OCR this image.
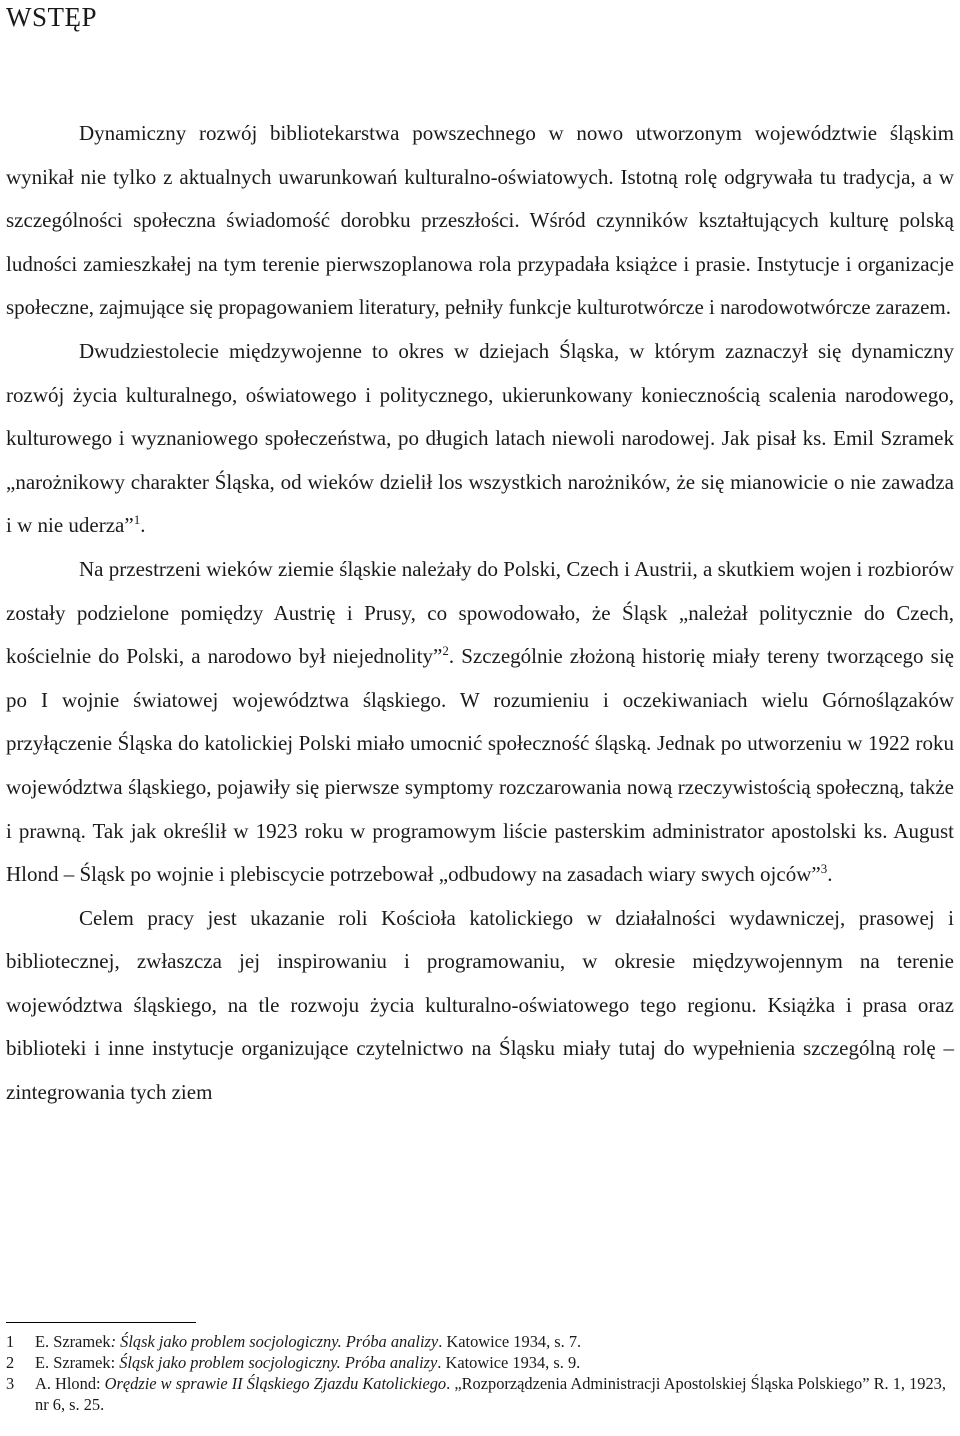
WSTĘP

Dynamiczny rozwój bibliotekarstwa powszechnego w nowo utworzonym województwie śląskim wynikał nie tylko z aktualnych uwarunkowań kulturalno-oświatowych. Istotną rolę odgrywała tu tradycja, a w szczególności społeczna świadomość dorobku przeszłości. Wśród czynników kształtujących kulturę polską ludności zamieszkałej na tym terenie pierwszoplanowa rola przypadała książce i prasie. Instytucje i organizacje społeczne, zajmujące się propagowaniem literatury, pełniły funkcje kulturotwórcze i narodowotwórcze zarazem.

Dwudziestolecie międzywojenne to okres w dziejach Śląska, w którym zaznaczył się dynamiczny rozwój życia kulturalnego, oświatowego i politycznego, ukierunkowany koniecznością scalenia narodowego, kulturowego i wyznaniowego społeczeństwa, po długich latach niewoli narodowej. Jak pisał ks. Emil Szramek „narożnikowy charakter Śląska, od wieków dzielił los wszystkich narożników, że się mianowicie o nie zawadza i w nie uderza”$^1$.

Na przestrzeni wieków ziemie śląskie należały do Polski, Czech i Austrii, a skutkiem wojen i rozbiorów zostały podzielone pomiędzy Austrię i Prusy, co spowodowało, że Śląsk „należał politycznie do Czech, kościelnie do Polski, a narodowo był niejednolity”$^2$. Szczególnie złożoną historię miały tereny tworzącego się po I wojnie światowej województwa śląskiego. W rozumieniu i oczekiwaniach wielu Górnoślązaków przyłączenie Śląska do katolickiej Polski miało umocnić społeczność śląską. Jednak po utworzeniu w 1922 roku województwa śląskiego, pojawiły się pierwsze symptomy rozczarowania nową rzeczywistością społeczną, także i prawną. Tak jak określił w 1923 roku w programowym liście pasterskim administrator apostolski ks. August Hlond – Śląsk po wojnie i plebiscycie potrzebował „odbudowy na zasadach wiary swych ojców”$^3$.

Celem pracy jest ukazanie roli Kościoła katolickiego w działalności wydawniczej, prasowej i bibliotecznej, zwłaszcza jej inspirowaniu i programowaniu, w okresie międzywojennym na terenie województwa śląskiego, na tle rozwoju życia kulturalno-oświatowego tego regionu. Książka i prasa oraz biblioteki i inne instytucje organizujące czytelnictwo na Śląsku miały tutaj do wypełnienia szczególną rolę – zintegrowania tych ziem

1 E. Szramek: Śląsk jako problem socjologiczny. Próba analizy. Katowice 1934, s. 7.
2 E. Szramek: Śląsk jako problem socjologiczny. Próba analizy. Katowice 1934, s. 9.
3 A. Hlond: Orędzie w sprawie II Śląskiego Zjazdu Katolickiego. „Rozporządzenia Administracji Apostolskiej Śląska Polskiego” R. 1, 1923, nr 6, s. 25.
